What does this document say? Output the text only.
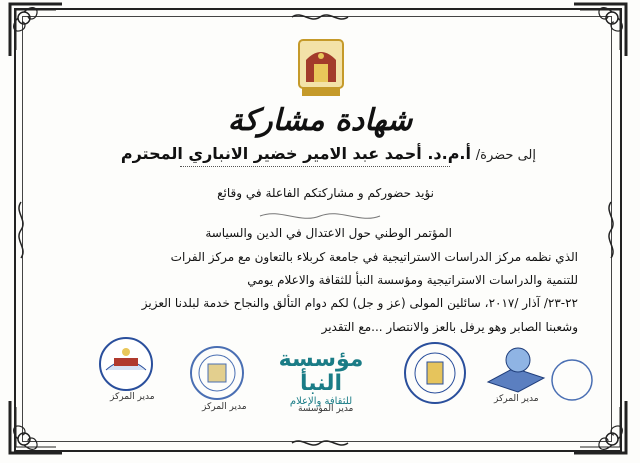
شهادة مشاركة
إلى حضرة/ أ.م.د. أحمد عبد الامير خضير الانباري المحترم
نؤيد حضوركم و مشاركتكم الفاعلة في وقائع
المؤتمر الوطني حول الاعتدال في الدين والسياسة
الذي نظمه مركز الدراسات الاستراتيجية في جامعة كربلاء بالتعاون مع مركز الفرات
للتنمية والدراسات الاستراتيجية ومؤسسة النبأ للثقافة والاعلام يومي
٢٢-٢٣/ آذار /٢٠١٧، سائلين المولى (عز و جل) لكم دوام التألق والنجاح خدمة لبلدنا العزيز
وشعبنا الصابر وهو يرفل بالعز والانتصار ...مع التقدير
مدير المركز
مدير المركز
مؤسسة النبأ
للثقافة والإعلام
مدير المؤسسة
مدير المركز
